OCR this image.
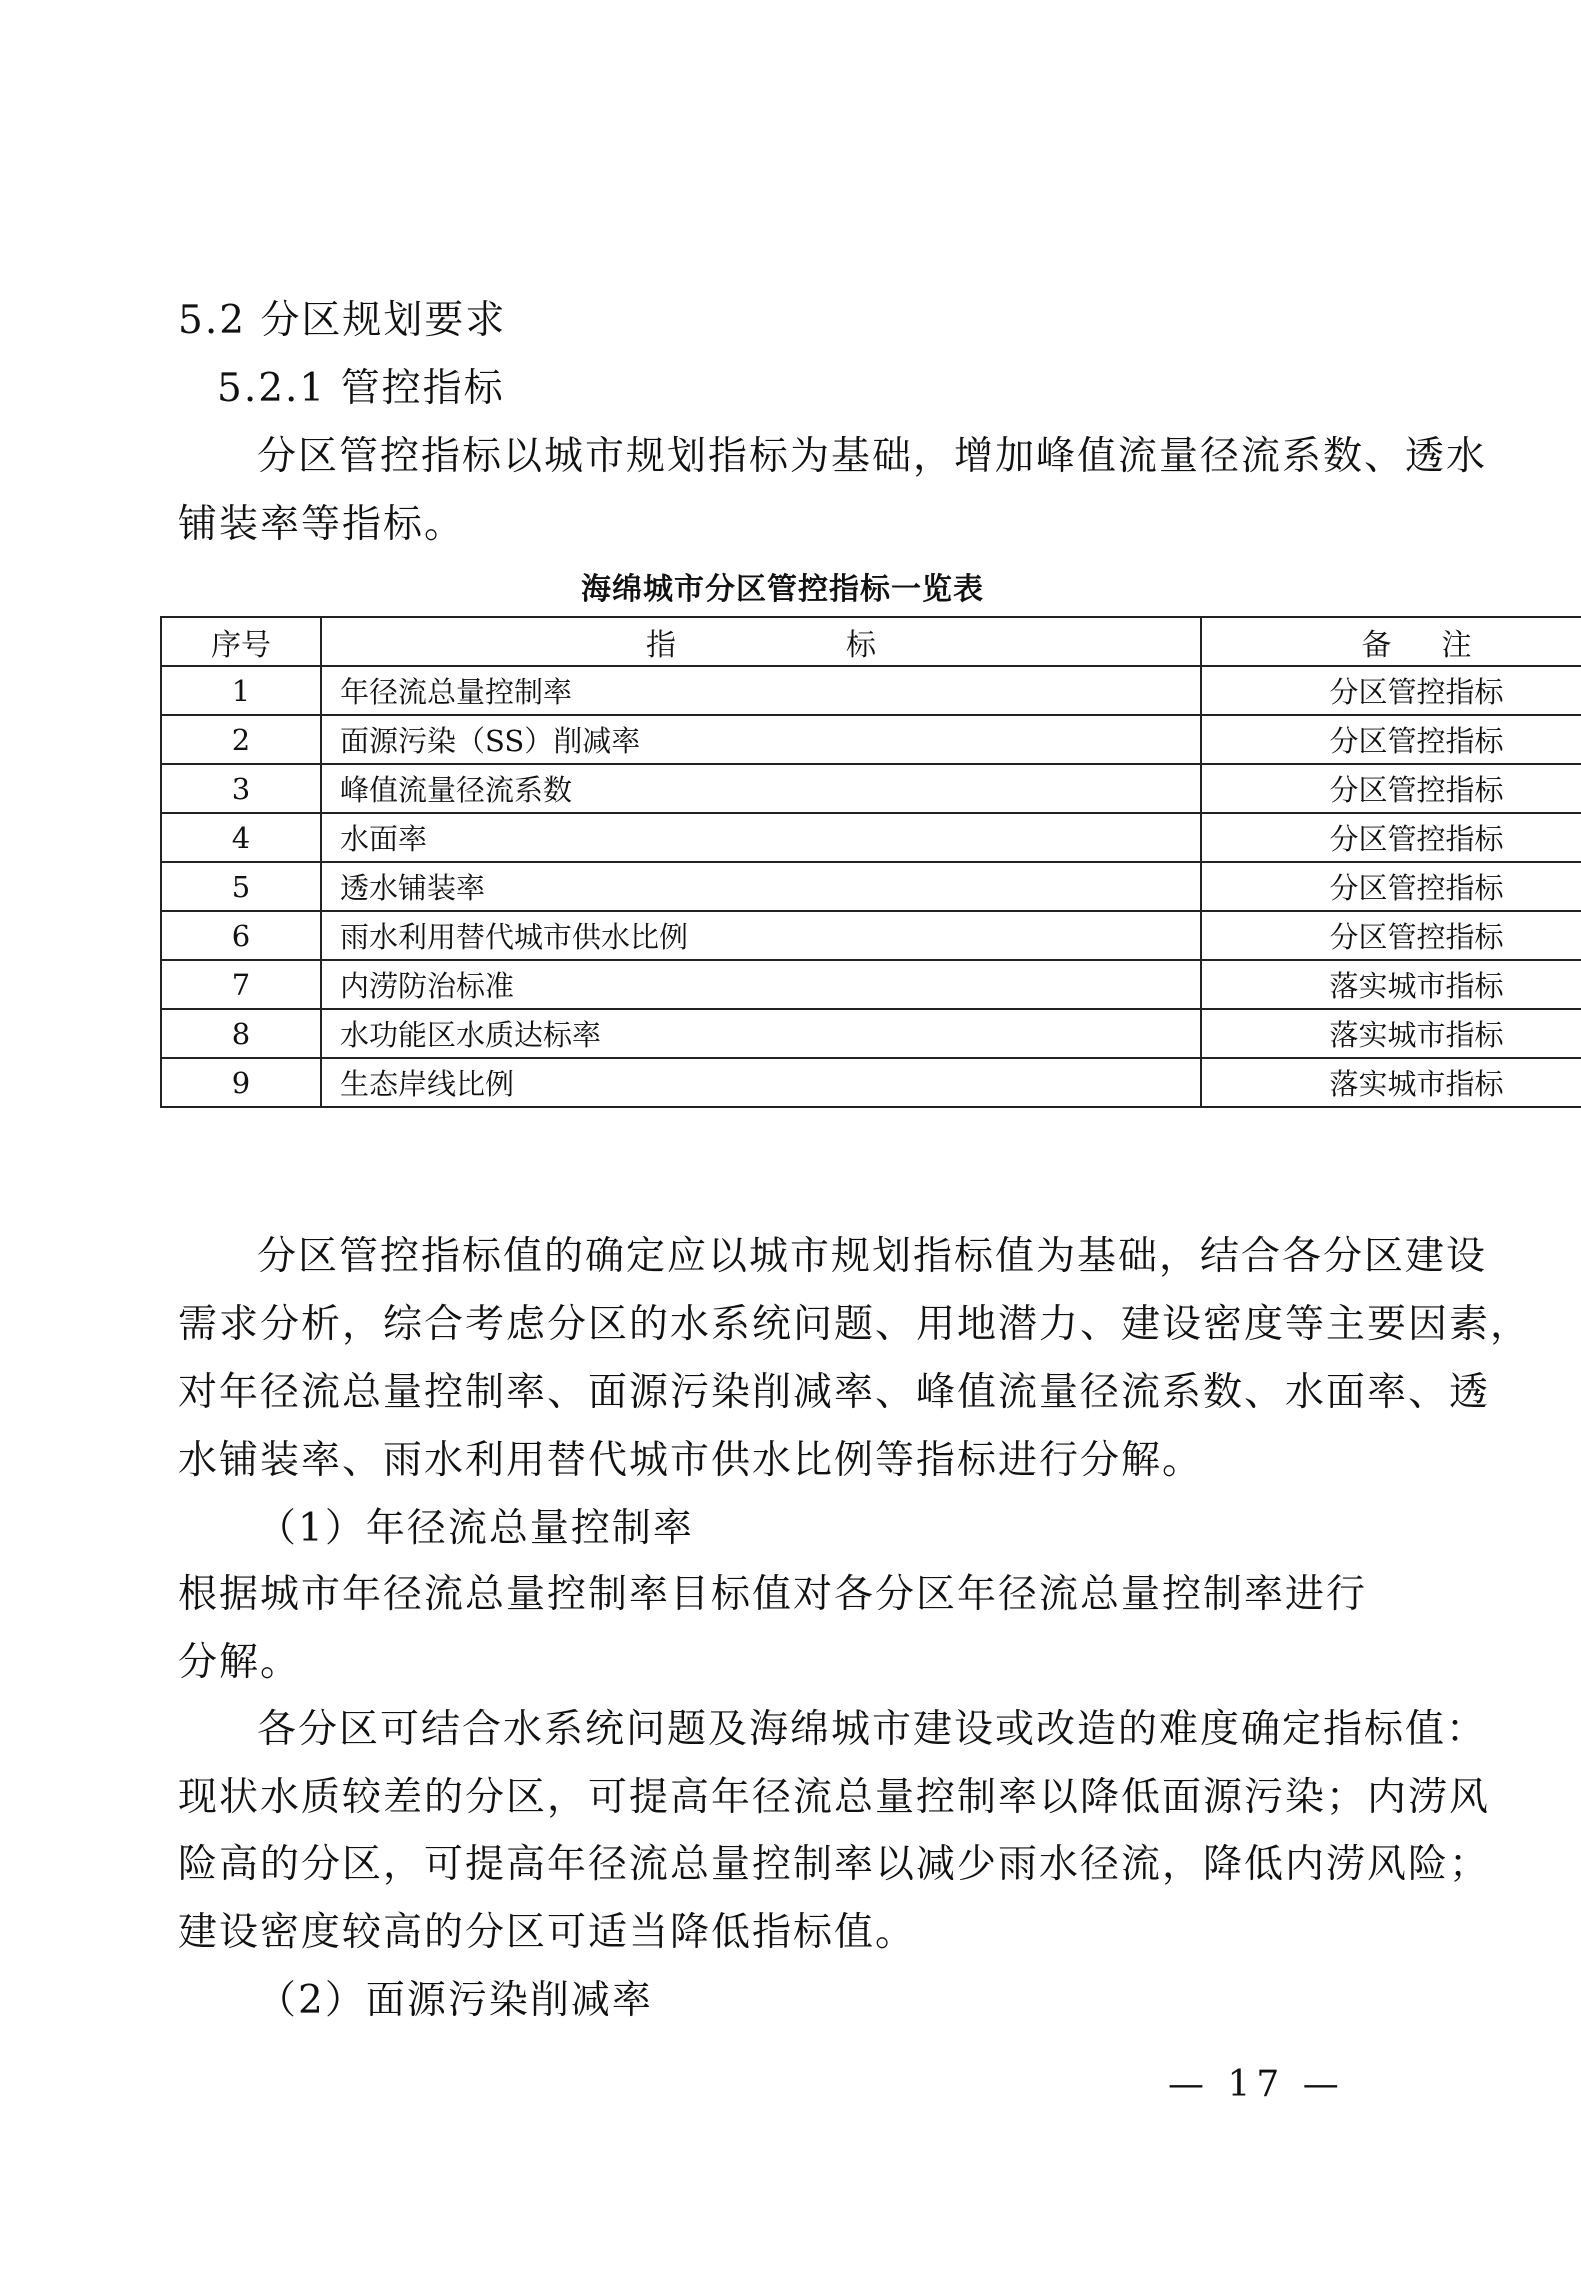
5.2 分区规划要求
5.2.1 管控指标
分区管控指标以城市规划指标为基础，增加峰值流量径流系数、透水
铺装率等指标。
海绵城市分区管控指标一览表
序号	指标	备注
1	年径流总量控制率	分区管控指标
2	面源污染（SS）削减率	分区管控指标
3	峰值流量径流系数	分区管控指标
4	水面率	分区管控指标
5	透水铺装率	分区管控指标
6	雨水利用替代城市供水比例	分区管控指标
7	内涝防治标准	落实城市指标
8	水功能区水质达标率	落实城市指标
9	生态岸线比例	落实城市指标
分区管控指标值的确定应以城市规划指标值为基础，结合各分区建设
需求分析，综合考虑分区的水系统问题、用地潜力、建设密度等主要因素，
对年径流总量控制率、面源污染削减率、峰值流量径流系数、水面率、透
水铺装率、雨水利用替代城市供水比例等指标进行分解。
（1）年径流总量控制率
根据城市年径流总量控制率目标值对各分区年径流总量控制率进行
分解。
各分区可结合水系统问题及海绵城市建设或改造的难度确定指标值：
现状水质较差的分区，可提高年径流总量控制率以降低面源污染；内涝风
险高的分区，可提高年径流总量控制率以减少雨水径流，降低内涝风险；
建设密度较高的分区可适当降低指标值。
（2）面源污染削减率
— 17 —
